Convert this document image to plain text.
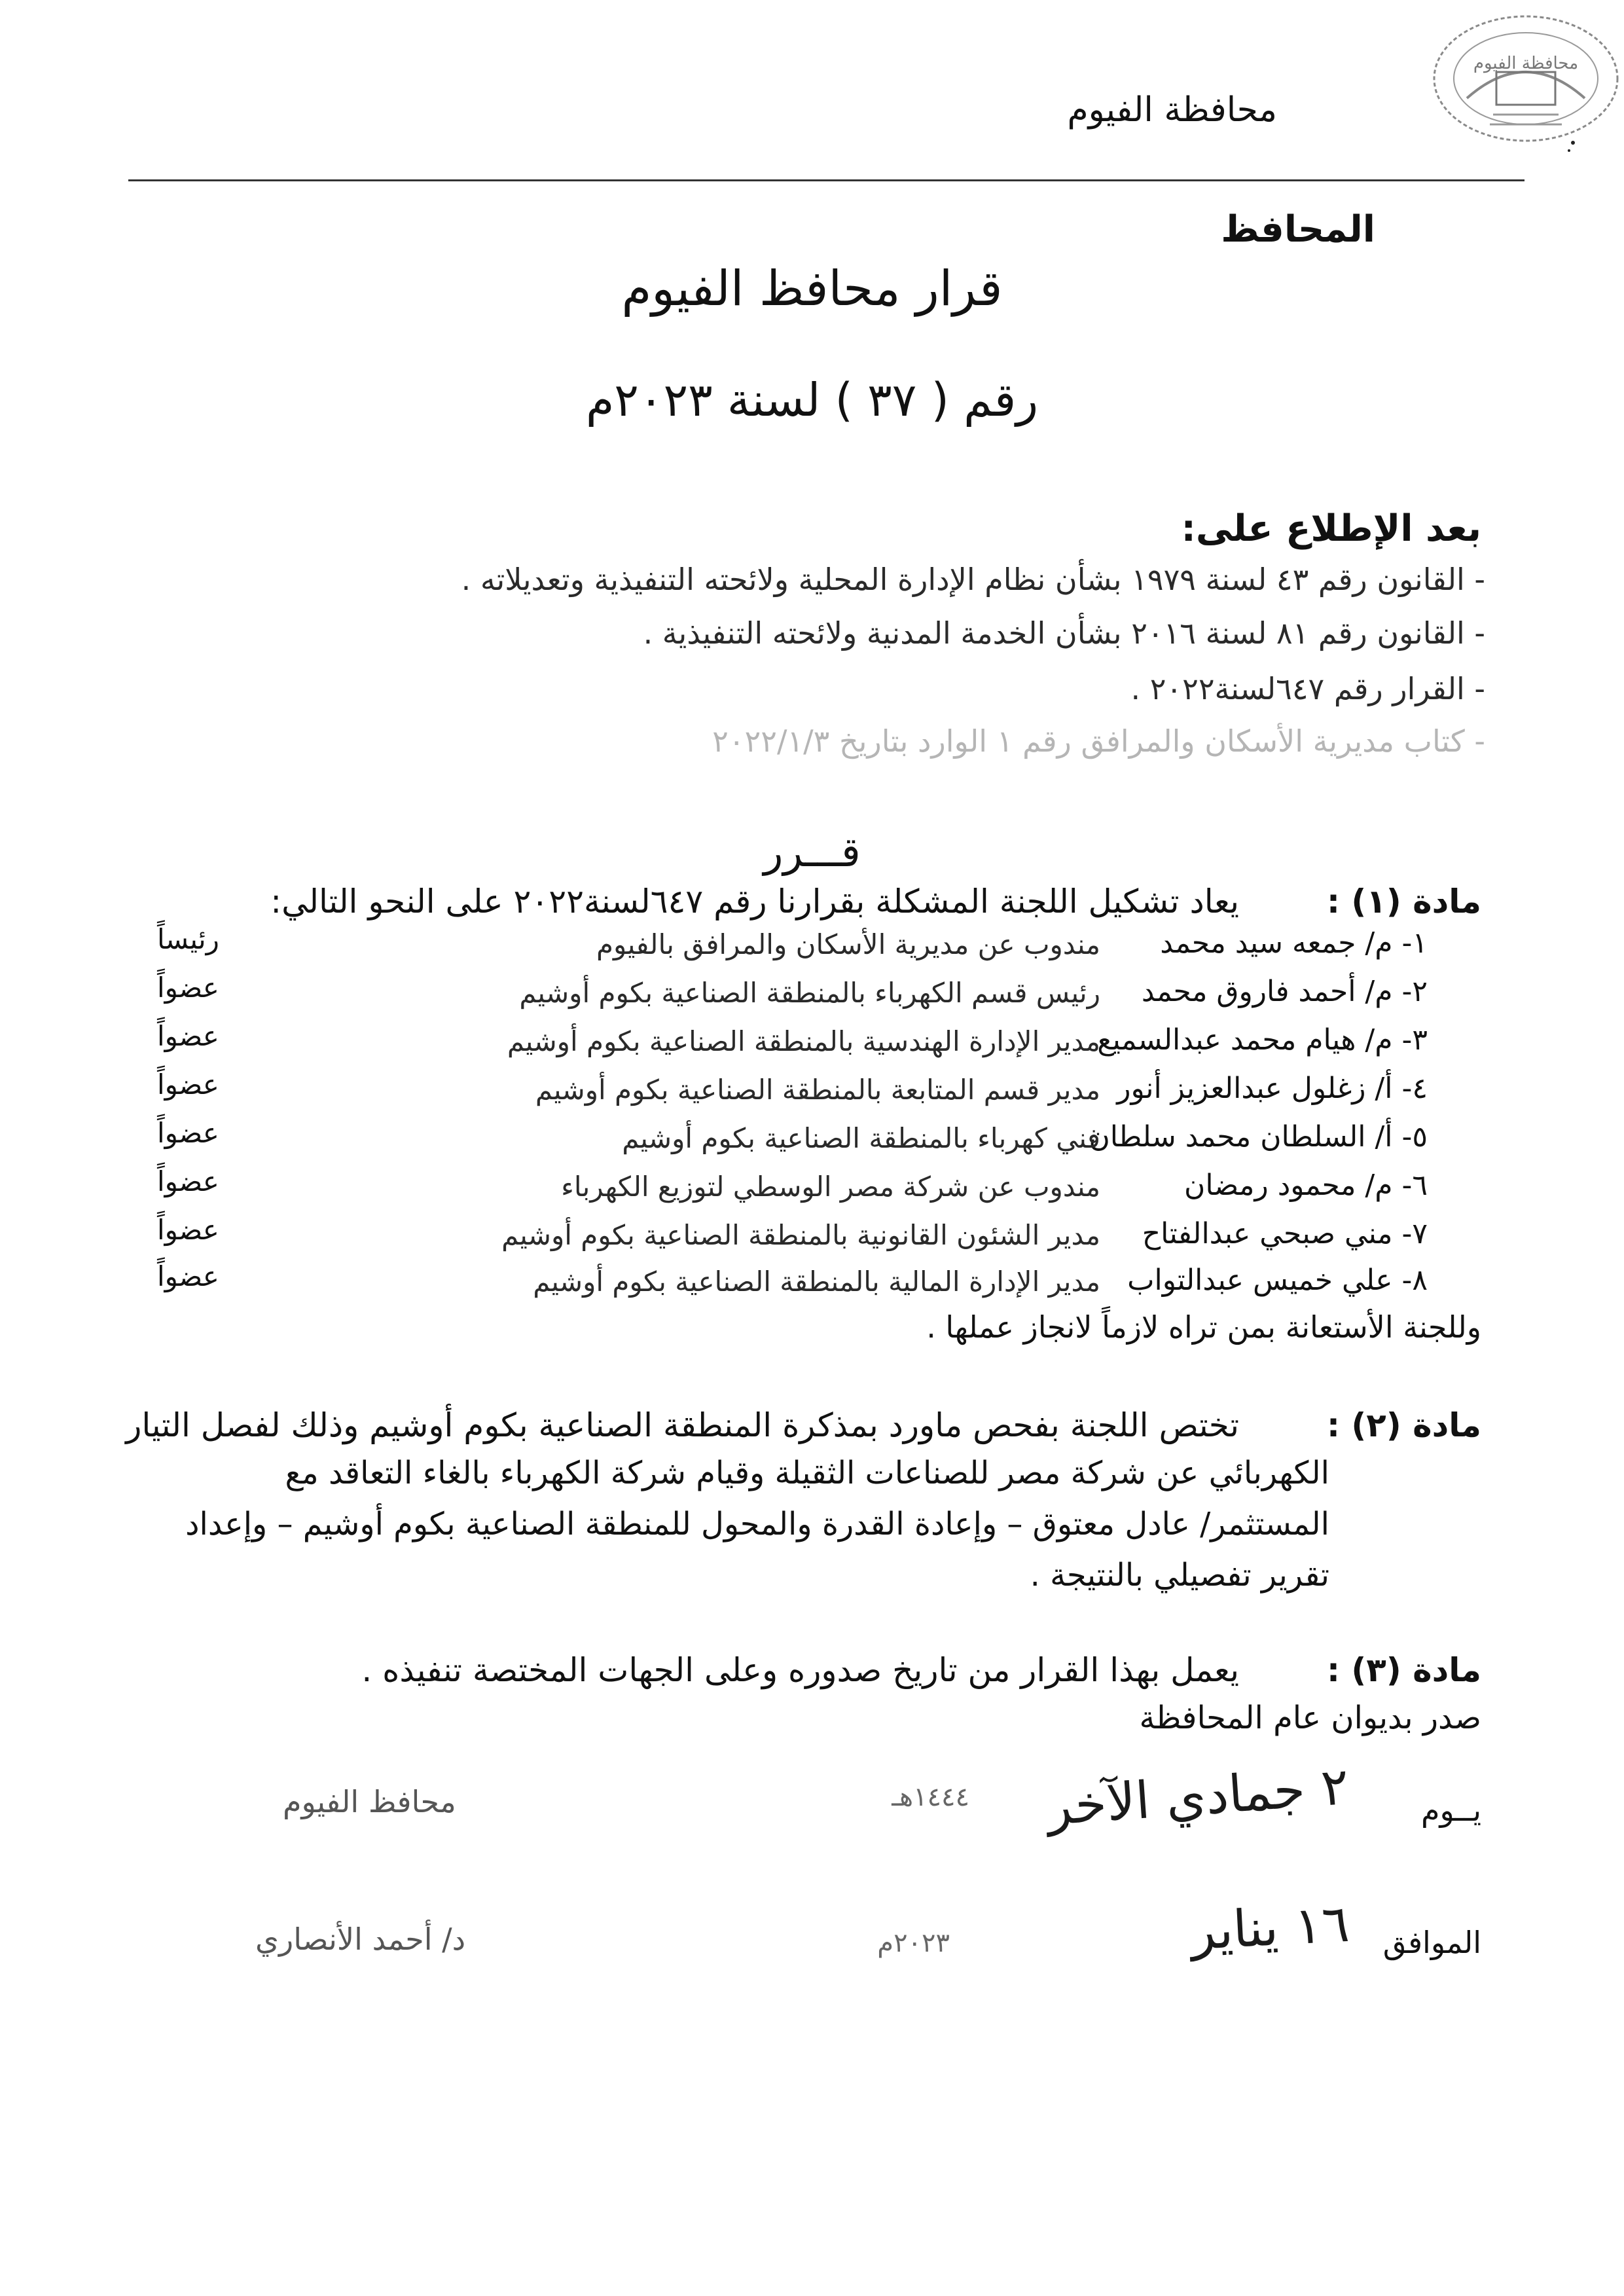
محافظة الفيوم
محافظة الفيوم
المحافظ
قرار محافظ الفيوم
رقم ( ٣٧ ) لسنة ٢٠٢٣م
بعد الإطلاع على:
- القانون رقم ٤٣ لسنة ١٩٧٩ بشأن نظام الإدارة المحلية ولائحته التنفيذية وتعديلاته .
- القانون رقم ٨١ لسنة ٢٠١٦ بشأن الخدمة المدنية ولائحته التنفيذية .
- القرار رقم ٦٤٧لسنة٢٠٢٢ .
- كتاب مديرية الأسكان والمرافق رقم ١ الوارد بتاريخ ٢٠٢٢/١/٣
قـــرر
مادة (١) :
يعاد تشكيل اللجنة المشكلة بقرارنا رقم ٦٤٧لسنة٢٠٢٢ على النحو التالي:
١- م/ جمعه سيد محمد
مندوب عن مديرية الأسكان والمرافق بالفيوم
رئيساً
٢- م/ أحمد فاروق محمد
رئيس قسم الكهرباء بالمنطقة الصناعية بكوم أوشيم
عضواً
٣- م/ هيام محمد عبدالسميع
مدير الإدارة الهندسية بالمنطقة الصناعية بكوم أوشيم
عضواً
٤- أ/ زغلول عبدالعزيز أنور
مدير قسم المتابعة بالمنطقة الصناعية بكوم أوشيم
عضواً
٥- أ/ السلطان محمد سلطان
فني كهرباء بالمنطقة الصناعية بكوم أوشيم
عضواً
٦- م/ محمود رمضان
مندوب عن شركة مصر الوسطي لتوزيع الكهرباء
عضواً
٧- مني صبحي عبدالفتاح
مدير الشئون القانونية بالمنطقة الصناعية بكوم أوشيم
عضواً
٨- علي خميس عبدالتواب
مدير الإدارة المالية بالمنطقة الصناعية بكوم أوشيم
عضواً
وللجنة الأستعانة بمن تراه لازماً لانجاز عملها .
مادة (٢) :
تختص اللجنة بفحص ماورد بمذكرة المنطقة الصناعية بكوم أوشيم وذلك لفصل التيار
الكهربائي عن شركة مصر للصناعات الثقيلة وقيام شركة الكهرباء بالغاء التعاقد مع
المستثمر/ عادل معتوق – وإعادة القدرة والمحول للمنطقة الصناعية بكوم أوشيم – وإعداد
تقرير تفصيلي بالنتيجة .
مادة (٣) :
يعمل بهذا القرار من تاريخ صدوره وعلى الجهات المختصة تنفيذه .
صدر بديوان عام المحافظة
يــوم
٢ جمادي الآخر
١٤٤٤هـ
الموافق
١٦ يناير
٢٠٢٣م
محافظ الفيوم
د/ أحمد الأنصاري
